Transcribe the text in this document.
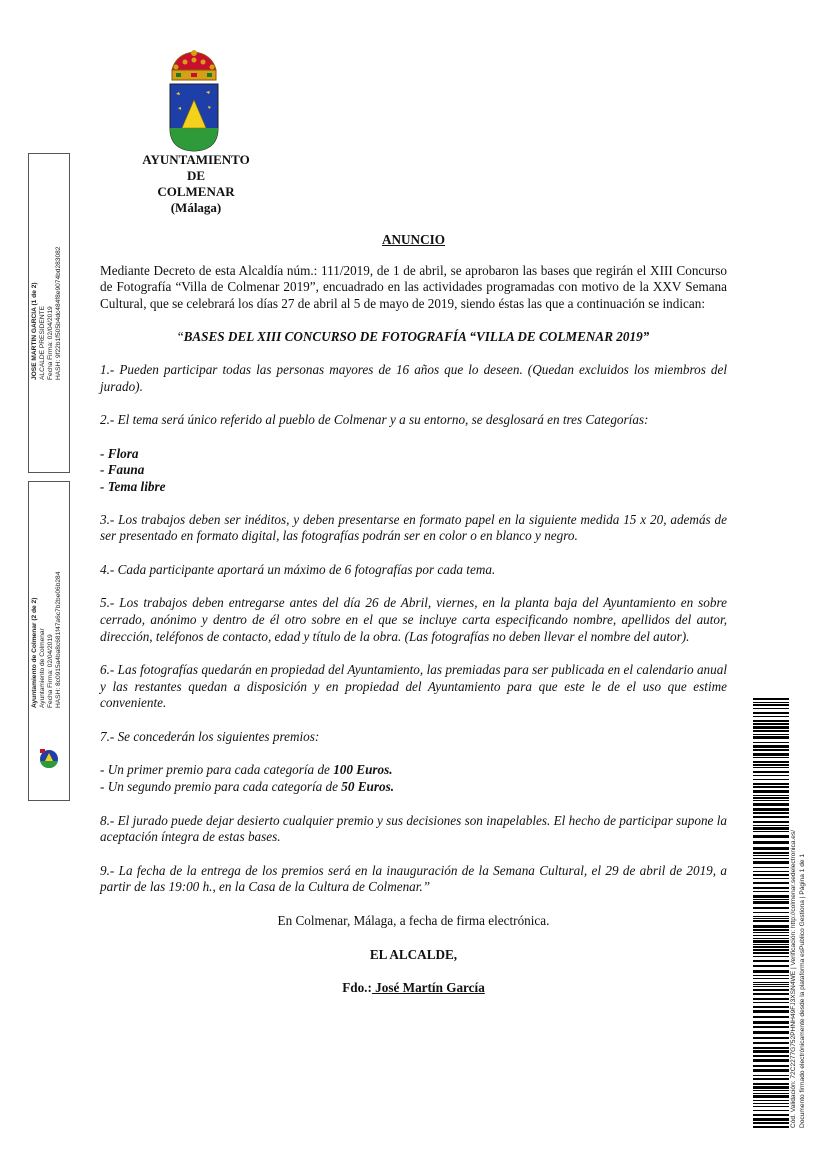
AYUNTAMIENTO
DE
COLMENAR
(Málaga)
JOSE MARTIN GARCIA (1 de 2) ALCALDE PRESIDENTE Fecha Firma: 02/04/2019 HASH: 9f22b1f505b4dc484f8e9074bd283082
Ayuntamiento de Colmenar (2 de 2) Ayuntamiento de Colmenar Fecha Firma: 02/04/2019 HASH: 8c0915a4ba8c681f47a6c7b2be06b284
ANUNCIO
Mediante Decreto de esta Alcaldía núm.: 111/2019, de 1 de abril, se aprobaron las bases que regirán el XIII Concurso de Fotografía “Villa de Colmenar 2019”, encuadrado en las actividades programadas con motivo de la XXV Semana Cultural, que se celebrará los días 27 de abril al 5 de mayo de 2019, siendo éstas las que a continuación se indican:
“BASES DEL XIII CONCURSO DE FOTOGRAFÍA “VILLA DE COLMENAR 2019”
1.- Pueden participar todas las personas mayores de 16 años que lo deseen. (Quedan excluidos los miembros del jurado).
2.- El tema será único referido al pueblo de Colmenar y a su entorno, se desglosará en tres Categorías:
- Flora
- Fauna
- Tema libre
3.- Los trabajos deben ser inéditos, y deben presentarse en formato papel en la siguiente medida 15 x 20, además de ser presentado en formato digital, las fotografías podrán ser en color o en blanco y negro.
4.- Cada participante aportará un máximo de 6 fotografías por cada tema.
5.- Los trabajos deben entregarse antes del día 26 de Abril, viernes, en la planta baja del Ayuntamiento en sobre cerrado, anónimo y dentro de él otro sobre en el que se incluye carta especificando nombre, apellidos del autor, dirección, teléfonos de contacto, edad y título de la obra. (Las fotografías no deben llevar el nombre del autor).
6.- Las fotografías quedarán en propiedad del Ayuntamiento, las premiadas para ser publicada en el calendario anual y las restantes quedan a disposición y en propiedad del Ayuntamiento para que este le de el uso que estime conveniente.
7.- Se concederán los siguientes premios:
- Un primer premio para cada categoría de 100 Euros.
- Un segundo premio para cada categoría de 50 Euros.
8.- El jurado puede dejar desierto cualquier premio y sus decisiones son inapelables. El hecho de participar supone la aceptación íntegra de estas bases.
9.- La fecha de la entrega de los premios será en la inauguración de la Semana Cultural, el 29 de abril de 2019, a partir de las 19:00 h., en la Casa de la Cultura de Colmenar.”
En Colmenar, Málaga, a fecha de firma electrónica.
EL ALCALDE,
Fdo.: José Martín García	Cód. Validación: 72C2277G752PHNH49FJ3XSN4WE | Verificación: http://colmenar.sedelectronica.es/ Documento firmado electrónicamente desde la plataforma esPublico Gestiona | Página 1 de 1
